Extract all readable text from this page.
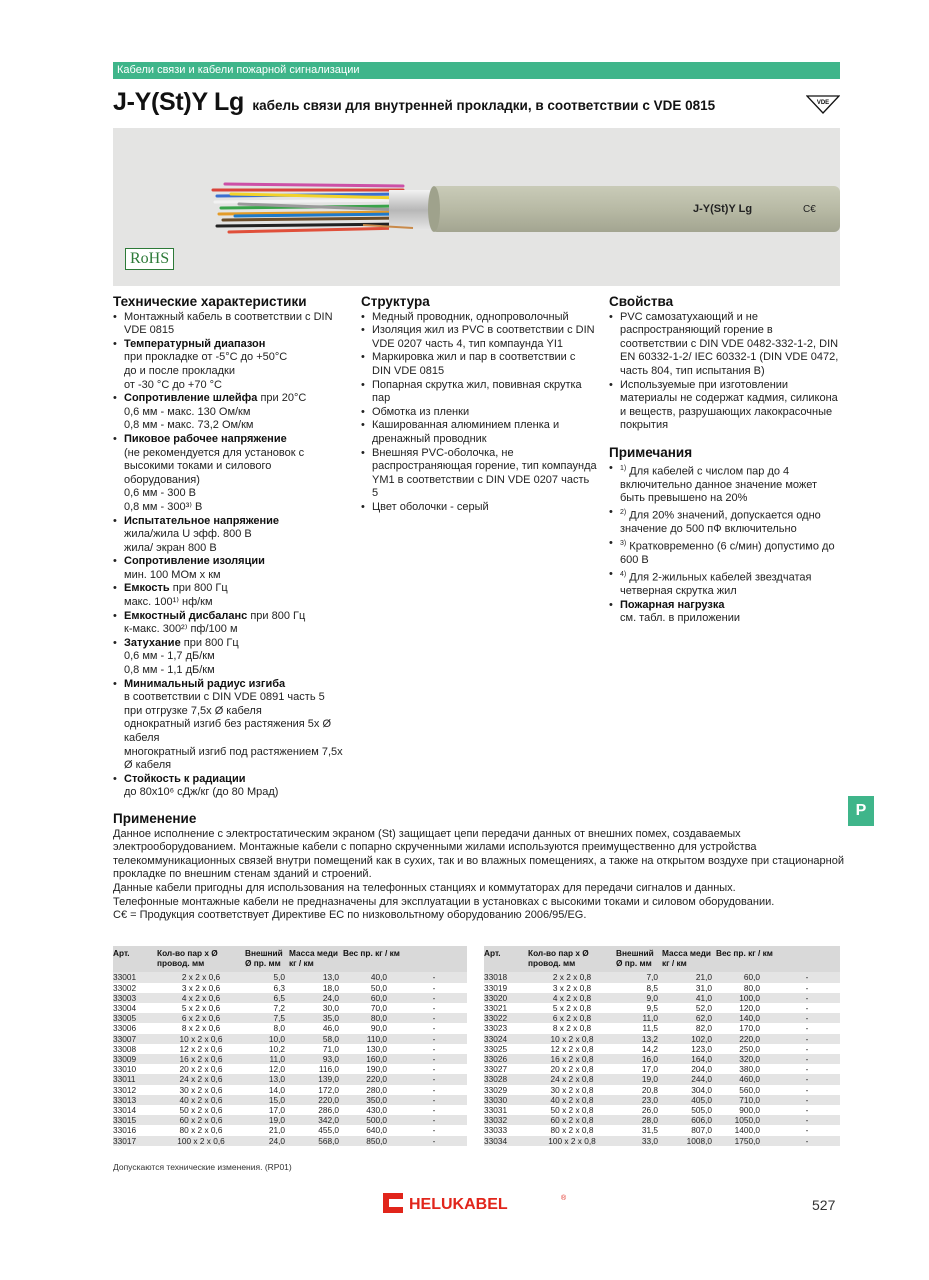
Кабели связи и кабели пожарной сигнализации
J-Y(St)Y Lg кабель связи для внутренней прокладки, в соответствии с VDE 0815	VDE
J-Y(St)Y Lg	C€
RoHS
Технические характеристики
• Монтажный кабель в соответствии с DIN VDE 0815
• Температурный диапазон
при прокладке от -5°C до +50°C
до и после прокладки
от -30 °C до +70 °C
• Сопротивление шлейфа при 20°C
0,6 мм - макс. 130 Ом/км
0,8 мм - макс. 73,2 Ом/км
• Пиковое рабочее напряжение
(не рекомендуется для установок с высокими токами и силового оборудования)
0,6 мм - 300 В
0,8 мм - 300³⁾ В
• Испытательное напряжение
жила/жила U эфф. 800 В
жила/ экран 800 В
• Сопротивление изоляции
мин. 100 МОм x км
• Емкость при 800 Гц
макс. 100¹⁾ нф/км
• Емкостный дисбаланс при 800 Гц
к-макс. 300²⁾ пф/100 м
• Затухание при 800 Гц
0,6 мм - 1,7 дБ/км
0,8 мм - 1,1 дБ/км
• Минимальный радиус изгиба
в соответствии с DIN VDE 0891 часть 5
при отгрузке 7,5x Ø кабеля
однократный изгиб без растяжения 5x Ø кабеля
многократный изгиб под растяжением 7,5x Ø кабеля
• Стойкость к радиации
до 80x10⁶ сДж/кг (до 80 Мрад)
Структура
• Медный проводник, однопроволочный
• Изоляция жил из PVC в соответствии с DIN VDE 0207 часть 4, тип компаунда YI1
• Маркировка жил и пар в соответствии с DIN VDE 0815
• Попарная скрутка жил, повивная скрутка пар
• Обмотка из пленки
• Кашированная алюминием пленка и дренажный проводник
• Внешняя PVC-оболочка, не распространяющая горение, тип компаунда YM1 в соответствии с DIN VDE 0207 часть 5
• Цвет оболочки - серый
Свойства
• PVC самозатухающий и не распространяющий горение в соответствии с DIN VDE 0482-332-1-2, DIN EN 60332-1-2/ IEC 60332-1 (DIN VDE 0472, часть 804, тип испытания B)
• Используемые при изготовлении материалы не содержат кадмия, силикона и веществ, разрушающих лакокрасочные покрытия
Примечания
• $^{1)}$ Для кабелей с числом пар до 4 включительно данное значение может быть превышено на 20%
• $^{2)}$ Для 20% значений, допускается одно значение до 500 пФ включительно
• $^{3)}$ Кратковременно (6 с/мин) допустимо до 600 В
• $^{4)}$ Для 2-жильных кабелей звездчатая четверная скрутка жил
• Пожарная нагрузка
см. табл. в приложении
P
Применение

Данное исполнение с электростатическим экраном (St) защищает цепи передачи данных от внешних помех, создаваемых электрооборудованием. Монтажные кабели с попарно скрученными жилами используются преимущественно для устройства телекоммуникационных связей внутри помещений как в сухих, так и во влажных помещениях, а также на открытом воздухе при стационарной прокладке по внешним стенам зданий и строений.

Данные кабели пригодны для использования на телефонных станциях и коммутаторах для передачи сигналов и данных.

Телефонные монтажные кабели не предназначены для эксплуатации в установках с высокими токами и силовом оборудовании.

C€ = Продукция соответствует Директиве ЕС по низковольтному оборудованию 2006/95/EG.

Арт.	Кол-во пар x Ø провод. мм	Внешний Ø пр. мм	Масса меди кг / км	Вес пр. кг / км	
33001	2 x 2 x 0,6	5,0	13,0	40,0	-
33002	3 x 2 x 0,6	6,3	18,0	50,0	-
33003	4 x 2 x 0,6	6,5	24,0	60,0	-
33004	5 x 2 x 0,6	7,2	30,0	70,0	-
33005	6 x 2 x 0,6	7,5	35,0	80,0	-
33006	8 x 2 x 0,6	8,0	46,0	90,0	-
33007	10 x 2 x 0,6	10,0	58,0	110,0	-
33008	12 x 2 x 0,6	10,2	71,0	130,0	-
33009	16 x 2 x 0,6	11,0	93,0	160,0	-
33010	20 x 2 x 0,6	12,0	116,0	190,0	-
33011	24 x 2 x 0,6	13,0	139,0	220,0	-
33012	30 x 2 x 0,6	14,0	172,0	280,0	-
33013	40 x 2 x 0,6	15,0	220,0	350,0	-
33014	50 x 2 x 0,6	17,0	286,0	430,0	-
33015	60 x 2 x 0,6	19,0	342,0	500,0	-
33016	80 x 2 x 0,6	21,0	455,0	640,0	-
33017	100 x 2 x 0,6	24,0	568,0	850,0	-
Арт.	Кол-во пар x Ø провод. мм	Внешний Ø пр. мм	Масса меди кг / км	Вес пр. кг / км	
33018	2 x 2 x 0,8	7,0	21,0	60,0	-
33019	3 x 2 x 0,8	8,5	31,0	80,0	-
33020	4 x 2 x 0,8	9,0	41,0	100,0	-
33021	5 x 2 x 0,8	9,5	52,0	120,0	-
33022	6 x 2 x 0,8	11,0	62,0	140,0	-
33023	8 x 2 x 0,8	11,5	82,0	170,0	-
33024	10 x 2 x 0,8	13,2	102,0	220,0	-
33025	12 x 2 x 0,8	14,2	123,0	250,0	-
33026	16 x 2 x 0,8	16,0	164,0	320,0	-
33027	20 x 2 x 0,8	17,0	204,0	380,0	-
33028	24 x 2 x 0,8	19,0	244,0	460,0	-
33029	30 x 2 x 0,8	20,8	304,0	560,0	-
33030	40 x 2 x 0,8	23,0	405,0	710,0	-
33031	50 x 2 x 0,8	26,0	505,0	900,0	-
33032	60 x 2 x 0,8	28,0	606,0	1050,0	-
33033	80 x 2 x 0,8	31,5	807,0	1400,0	-
33034	100 x 2 x 0,8	33,0	1008,0	1750,0	-
Допускаются технические изменения. (RP01)
HELUKABEL	®	527
